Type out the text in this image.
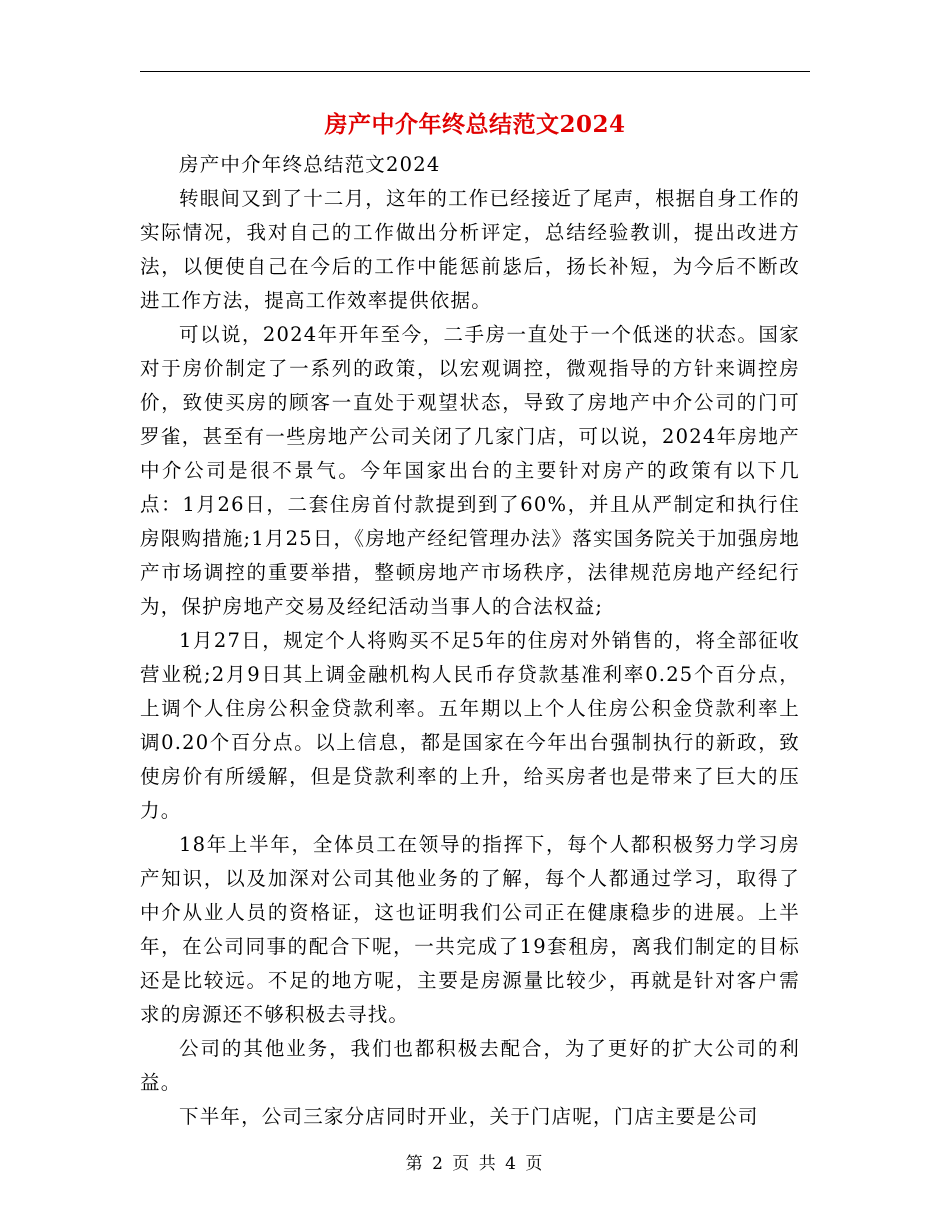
房产中介年终总结范文2024

房产中介年终总结范文2024

转眼间又到了十二月，这年的工作已经接近了尾声，根据自身工作的实际情况，我对自己的工作做出分析评定，总结经验教训，提出改进方法，以便使自己在今后的工作中能惩前毖后，扬长补短，为今后不断改进工作方法，提高工作效率提供依据。

可以说，2024年开年至今，二手房一直处于一个低迷的状态。国家对于房价制定了一系列的政策，以宏观调控，微观指导的方针来调控房价，致使买房的顾客一直处于观望状态，导致了房地产中介公司的门可罗雀，甚至有一些房地产公司关闭了几家门店，可以说，2024年房地产中介公司是很不景气。今年国家出台的主要针对房产的政策有以下几点：1月26日，二套住房首付款提到到了60%，并且从严制定和执行住房限购措施;1月25日，《房地产经纪管理办法》落实国务院关于加强房地产市场调控的重要举措，整顿房地产市场秩序，法律规范房地产经纪行为，保护房地产交易及经纪活动当事人的合法权益;

1月27日，规定个人将购买不足5年的住房对外销售的，将全部征收营业税;2月9日其上调金融机构人民币存贷款基准利率0.25个百分点，上调个人住房公积金贷款利率。五年期以上个人住房公积金贷款利率上调0.20个百分点。以上信息，都是国家在今年出台强制执行的新政，致使房价有所缓解，但是贷款利率的上升，给买房者也是带来了巨大的压力。

18年上半年，全体员工在领导的指挥下，每个人都积极努力学习房产知识，以及加深对公司其他业务的了解，每个人都通过学习，取得了中介从业人员的资格证，这也证明我们公司正在健康稳步的进展。上半年，在公司同事的配合下呢，一共完成了19套租房，离我们制定的目标还是比较远。不足的地方呢，主要是房源量比较少，再就是针对客户需求的房源还不够积极去寻找。

公司的其他业务，我们也都积极去配合，为了更好的扩大公司的利益。

下半年，公司三家分店同时开业，关于门店呢，门店主要是公司

第 2 页 共 4 页
